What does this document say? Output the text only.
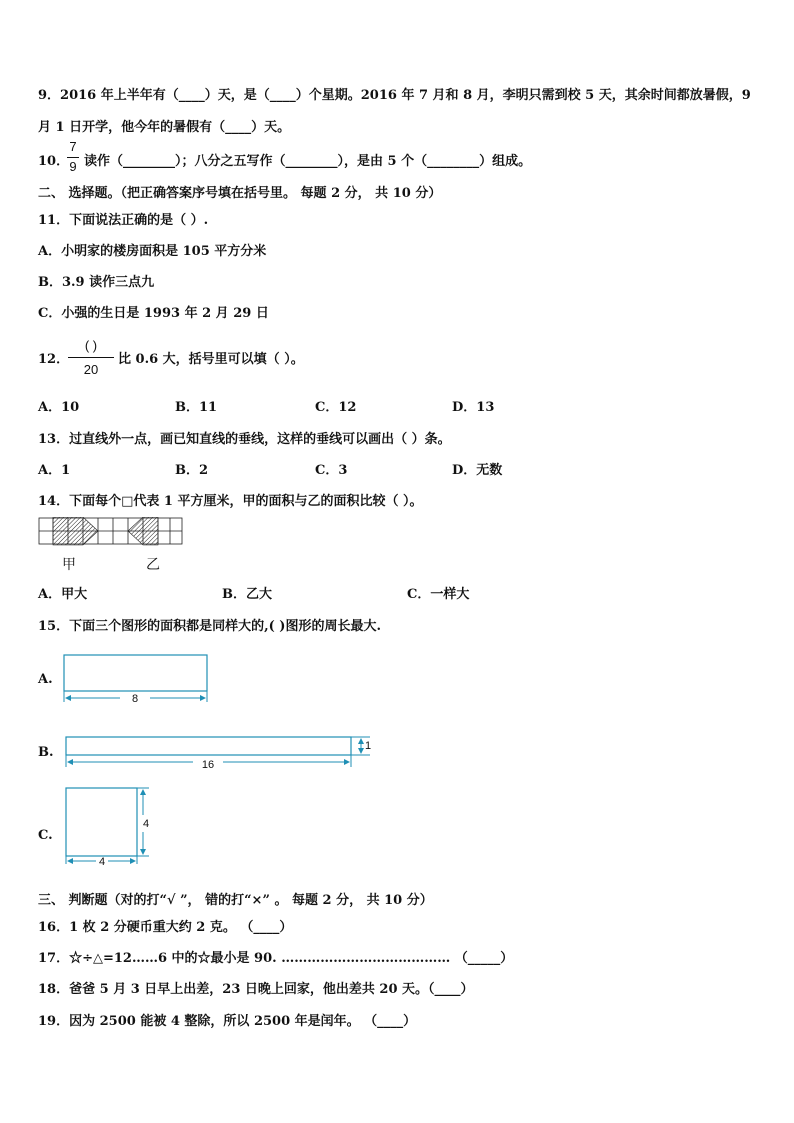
9．2016 年上半年有（____）天，是（____）个星期。2016 年 7 月和 8 月，李明只需到校 5 天，其余时间都放暑假，9
月 1 日开学，他今年的暑假有（____）天。
10．
7
9 读作（________）；八分之五写作（________），是由 5 个（________）组成。
二、 选择题。（把正确答案序号填在括号里。 每题 2 分， 共 10 分）
11．下面说法正确的是（ ）.
A．小明家的楼房面积是 105 平方分米
B．3.9 读作三点九
C．小强的生日是 1993 年 2 月 29 日
12．
( )
20
比 0.6 大，括号里可以填（ ）。
A．10	B．11	C．12	D．13
13．过直线外一点，画已知直线的垂线，这样的垂线可以画出（ ）条。
A．1	B．2	C．3	D．无数
14．下面每个□代表 1 平方厘米，甲的面积与乙的面积比较（ ）。
甲	乙
A．甲大	B．乙大	C．一样大
15．下面三个图形的面积都是同样大的,( )图形的周长最大.
A.
B.
C.
8
16
1
4
4
三、 判断题（对的打“√ ”， 错的打“×” 。 每题 2 分， 共 10 分）
16．1 枚 2 分硬币重大约 2 克。 （____）
17．☆÷△=12……6 中的☆最小是 90. ………………………………… （_____）
18．爸爸 5 月 3 日早上出差，23 日晚上回家，他出差共 20 天。（____）
19．因为 2500 能被 4 整除，所以 2500 年是闰年。 （____）
